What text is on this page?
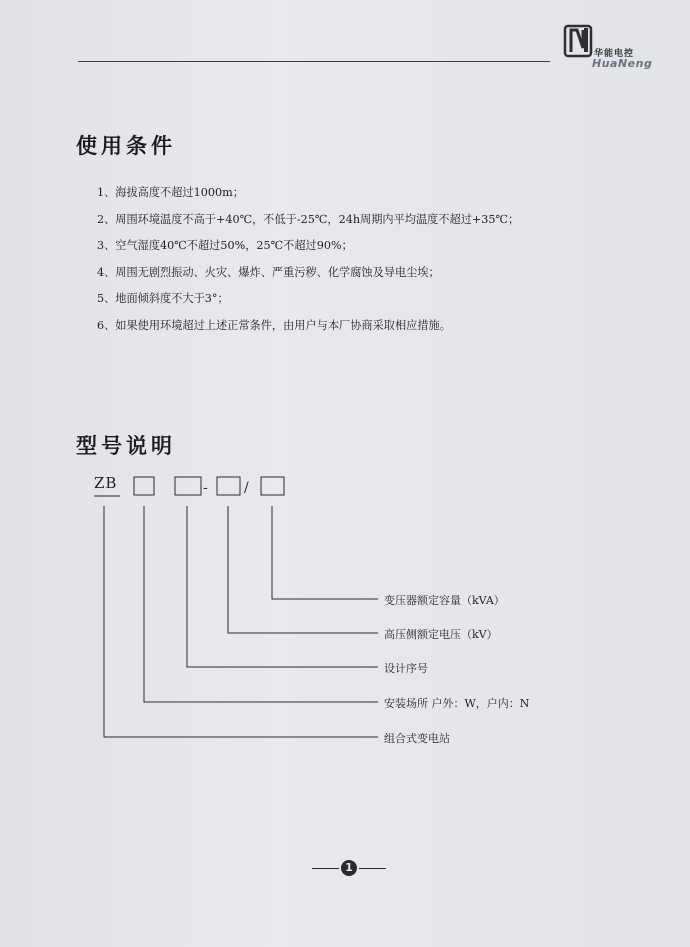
华能电控
HuaNeng
使用条件
1、海拔高度不超过1000m；
2、周围环境温度不高于+40℃，不低于-25℃，24h周期内平均温度不超过+35℃；
3、空气湿度40℃不超过50%，25℃不超过90%；
4、周围无剧烈振动、火灾、爆炸、严重污秽、化学腐蚀及导电尘埃；
5、地面倾斜度不大于3°；
6、如果使用环境超过上述正常条件，由用户与本厂协商采取相应措施。
型号说明
-	/
ZB
变压器额定容量（kVA）
高压侧额定电压（kV）
设计序号
安装场所 户外：W，户内：N
组合式变电站
1
